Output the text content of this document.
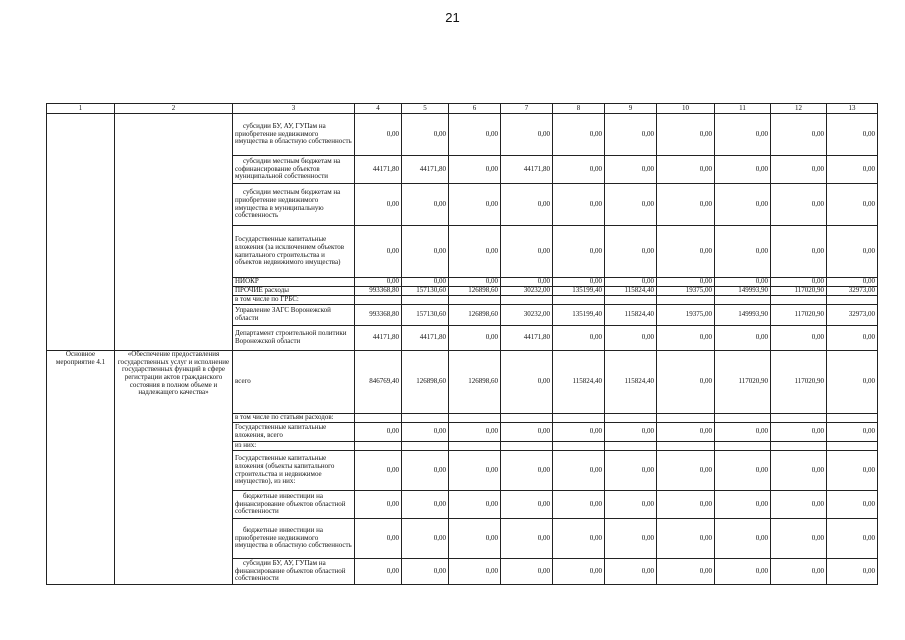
21
1	2	3	4	5	6	7	8	9	10	11	12	13
		субсидии БУ, АУ, ГУПам на приобретение недвижимого имущества в областную собственность	0,00	0,00	0,00	0,00	0,00	0,00	0,00	0,00	0,00	0,00
		субсидии местным бюджетам на софинансирование объектов муниципальной собственности	44171,80	44171,80	0,00	44171,80	0,00	0,00	0,00	0,00	0,00	0,00
		субсидии местным бюджетам на приобретение недвижимого имущества в муниципальную собственность	0,00	0,00	0,00	0,00	0,00	0,00	0,00	0,00	0,00	0,00
		Государственные капитальные вложения (за исключением объектов капитального строительства и объектов недвижимого имущества)	0,00	0,00	0,00	0,00	0,00	0,00	0,00	0,00	0,00	0,00
		НИОКР	0,00	0,00	0,00	0,00	0,00	0,00	0,00	0,00	0,00	0,00
		ПРОЧИЕ расходы	993368,80	157130,60	126898,60	30232,00	135199,40	115824,40	19375,00	149993,90	117020,90	32973,00
		в том числе по ГРБС:										
		Управление ЗАГС Воронежской области	993368,80	157130,60	126898,60	30232,00	135199,40	115824,40	19375,00	149993,90	117020,90	32973,00
		Департамент строительной политики Воронежской области	44171,80	44171,80	0,00	44171,80	0,00	0,00	0,00	0,00	0,00	0,00
Основное мероприятие 4.1	«Обеспечение предоставления государственных услуг и исполнение государственных функций в сфере регистрации актов гражданского состояния в полном объеме и надлежащего качества»	всего	846769,40	126898,60	126898,60	0,00	115824,40	115824,40	0,00	117020,90	117020,90	0,00
		в том числе по статьям расходов:										
		Государственные капитальные вложения, всего	0,00	0,00	0,00	0,00	0,00	0,00	0,00	0,00	0,00	0,00
		из них:										
		Государственные капитальные вложения (объекты капитального строительства и недвижимое имущество), из них:	0,00	0,00	0,00	0,00	0,00	0,00	0,00	0,00	0,00	0,00
		бюджетные инвестиции на финансирование объектов областной собственности	0,00	0,00	0,00	0,00	0,00	0,00	0,00	0,00	0,00	0,00
		бюджетные инвестиции на приобретение недвижимого имущества в областную собственность	0,00	0,00	0,00	0,00	0,00	0,00	0,00	0,00	0,00	0,00
		субсидии БУ, АУ, ГУПам на финансирование объектов областной собственности	0,00	0,00	0,00	0,00	0,00	0,00	0,00	0,00	0,00	0,00
